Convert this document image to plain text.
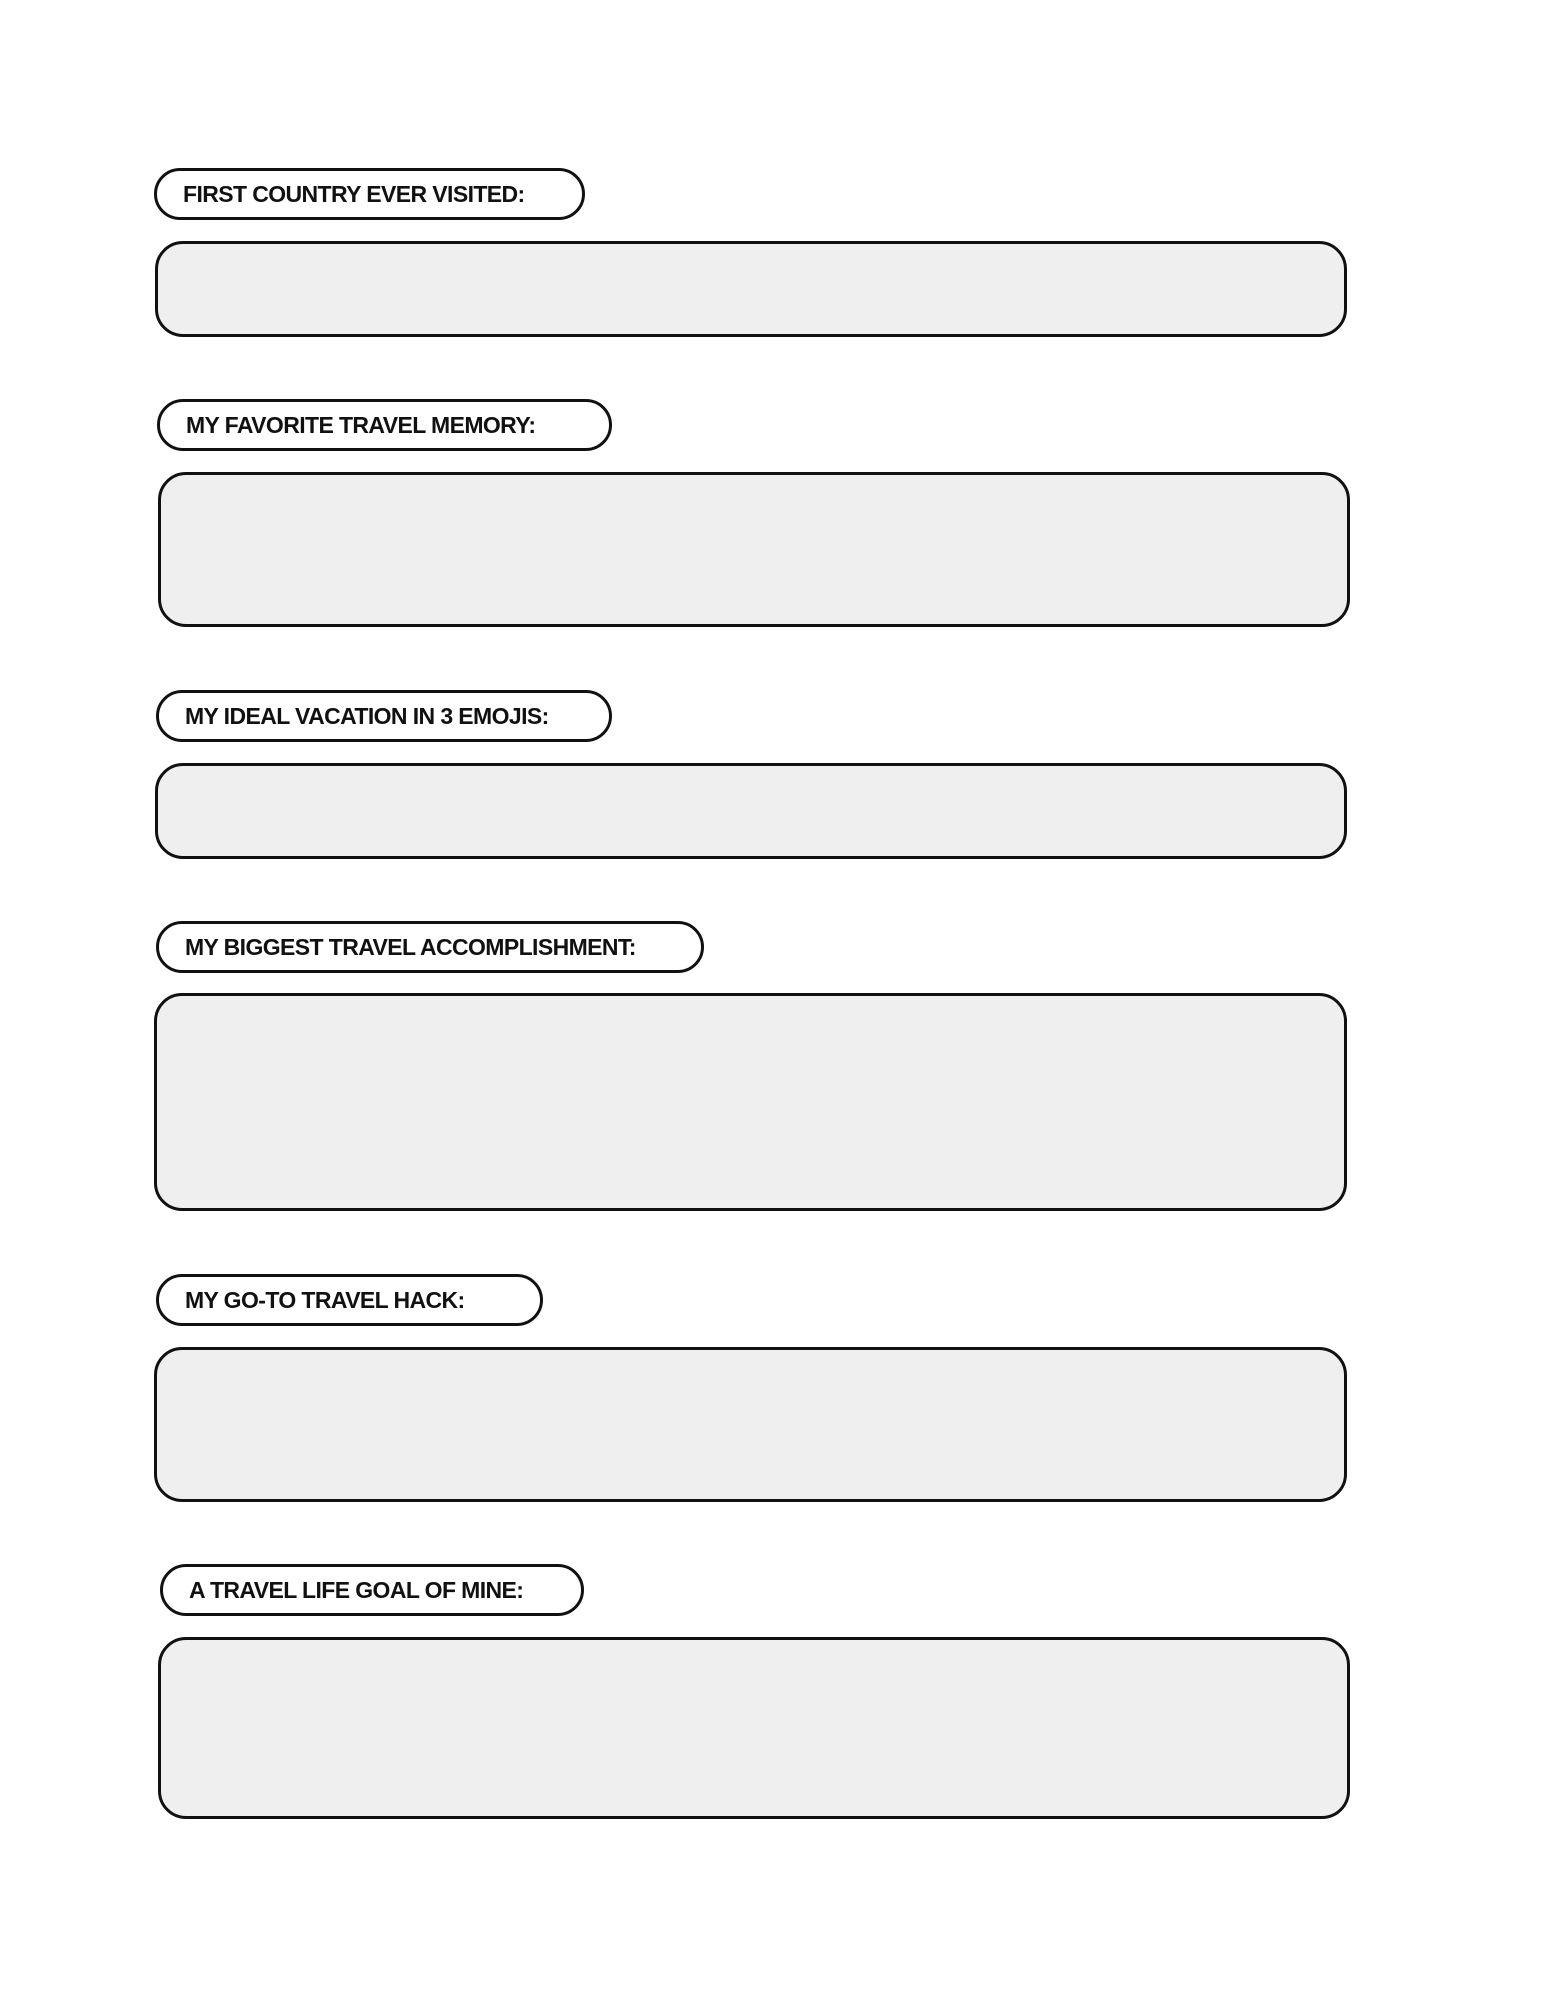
FIRST COUNTRY EVER VISITED:
MY FAVORITE TRAVEL MEMORY:
MY IDEAL VACATION IN 3 EMOJIS:
MY BIGGEST TRAVEL ACCOMPLISHMENT:
MY GO-TO TRAVEL HACK:
A TRAVEL LIFE GOAL OF MINE:
